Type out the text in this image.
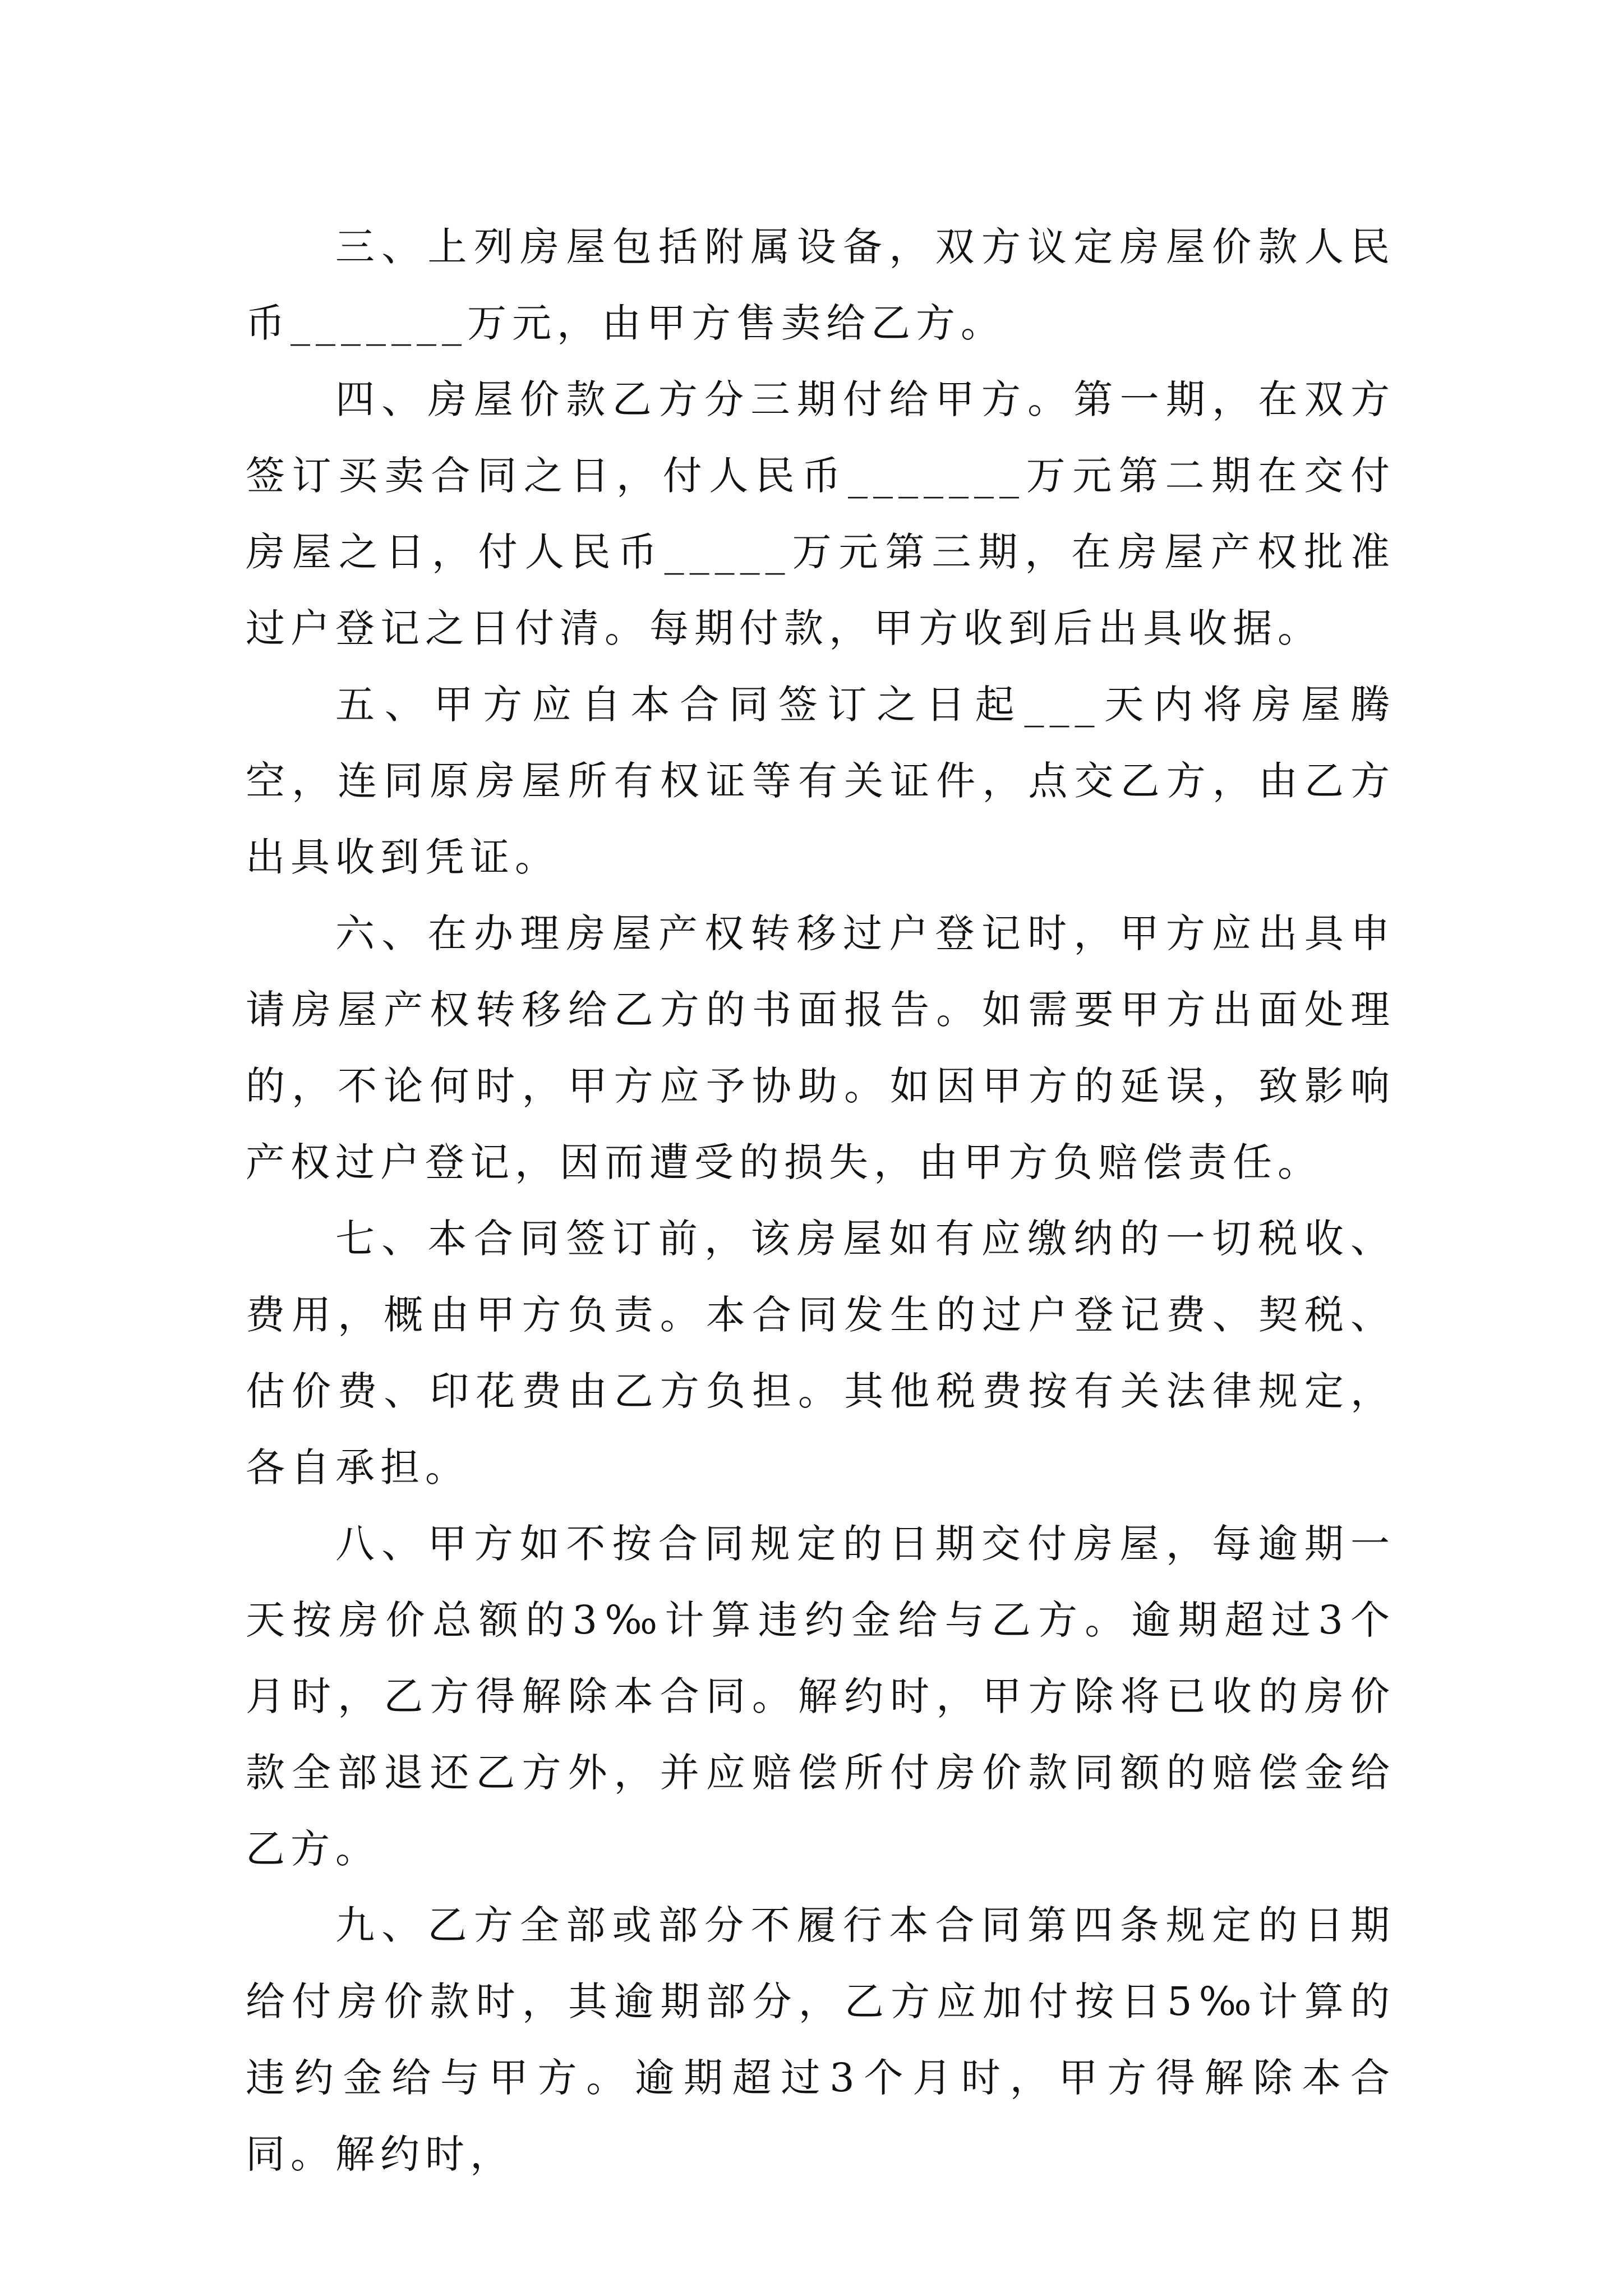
三、上列房屋包括附属设备，双方议定房屋价款人民币_______万元，由甲方售卖给乙方。

四、房屋价款乙方分三期付给甲方。第一期，在双方签订买卖合同之日，付人民币_______万元第二期在交付房屋之日，付人民币_____万元第三期，在房屋产权批准过户登记之日付清。每期付款，甲方收到后出具收据。

五、甲方应自本合同签订之日起___天内将房屋腾空，连同原房屋所有权证等有关证件，点交乙方，由乙方出具收到凭证。

六、在办理房屋产权转移过户登记时，甲方应出具申请房屋产权转移给乙方的书面报告。如需要甲方出面处理的，不论何时，甲方应予协助。如因甲方的延误，致影响产权过户登记，因而遭受的损失，由甲方负赔偿责任。

七、本合同签订前，该房屋如有应缴纳的一切税收、费用，概由甲方负责。本合同发生的过户登记费、契税、估价费、印花费由乙方负担。其他税费按有关法律规定，各自承担。

八、甲方如不按合同规定的日期交付房屋，每逾期一天按房价总额的3‰计算违约金给与乙方。逾期超过3个月时，乙方得解除本合同。解约时，甲方除将已收的房价款全部退还乙方外，并应赔偿所付房价款同额的赔偿金给乙方。

九、乙方全部或部分不履行本合同第四条规定的日期给付房价款时，其逾期部分，乙方应加付按日5‰计算的违约金给与甲方。逾期超过3个月时，甲方得解除本合同。解约时，
